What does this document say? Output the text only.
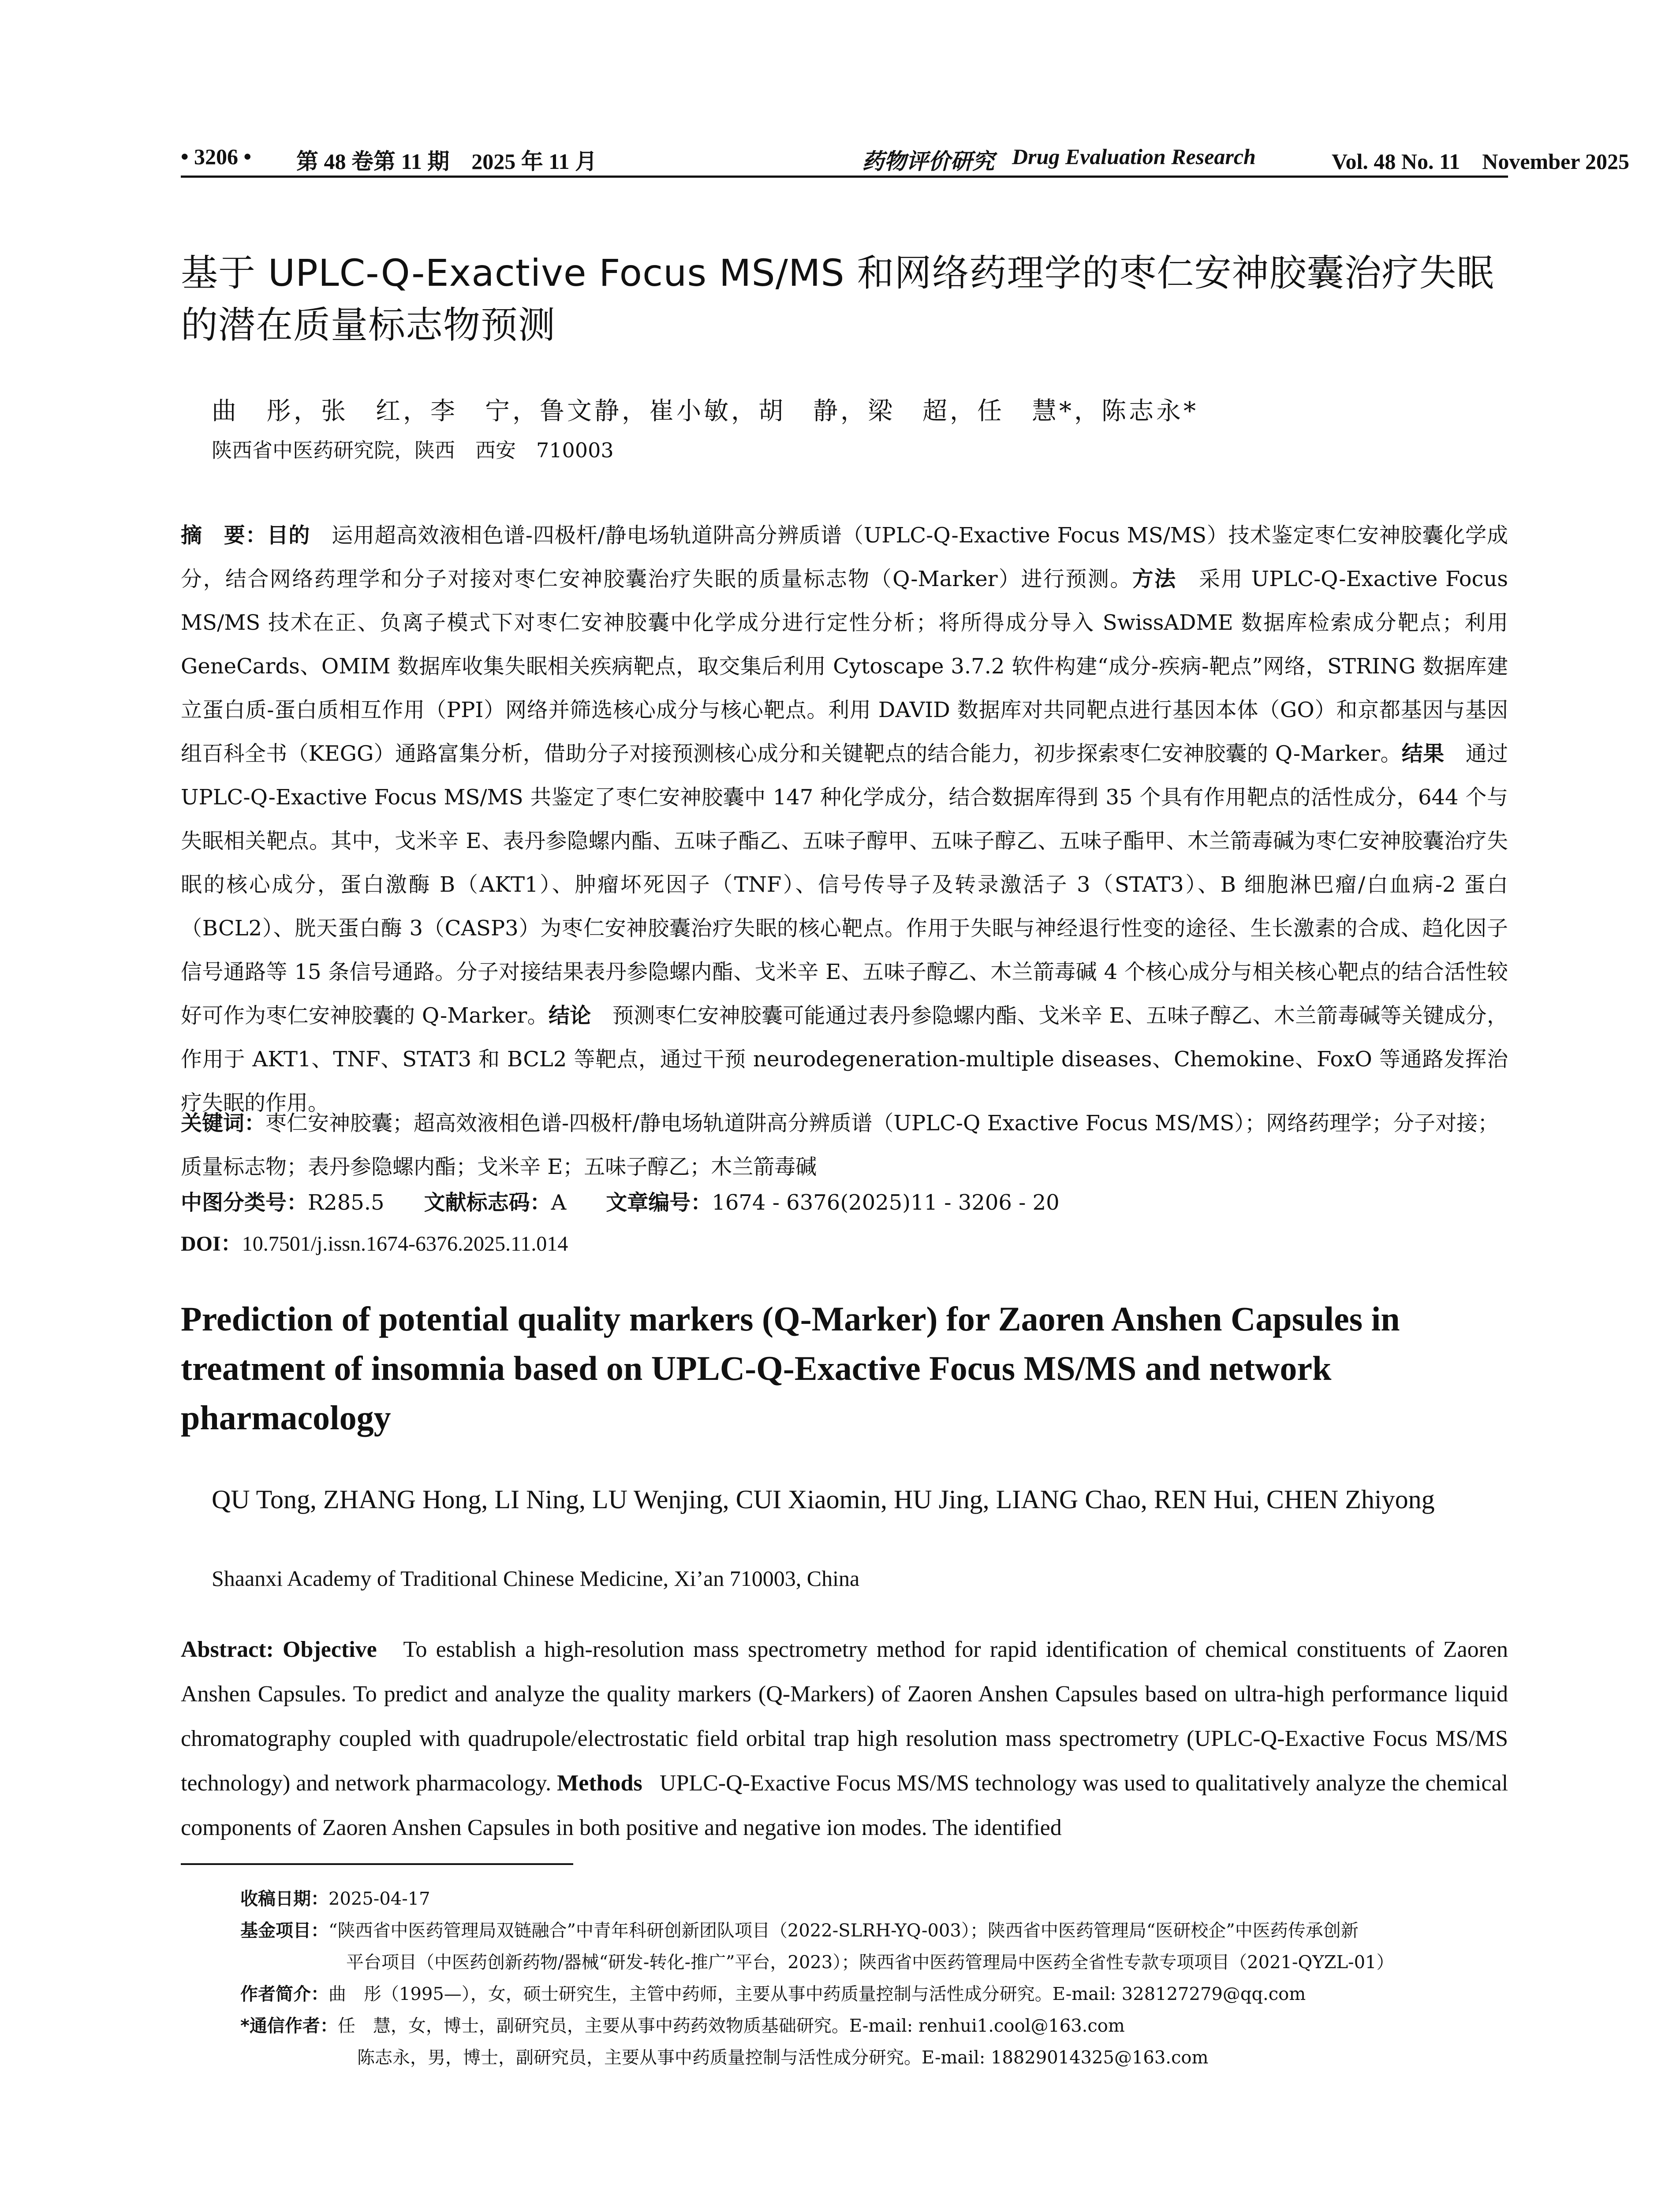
• 3206 • 第 48 卷第 11 期　2025 年 11 月	药物评价研究 Drug Evaluation Research	Vol. 48 No. 11　November 2025
基于 UPLC-Q-Exactive Focus MS/MS 和网络药理学的枣仁安神胶囊治疗失眠的潜在质量标志物预测
曲　彤，张　红，李　宁，鲁文静，崔小敏，胡　静，梁　超，任　慧*，陈志永*
陕西省中医药研究院，陕西　西安　710003
摘　要：目的　 运用超高效液相色谱-四极杆/静电场轨道阱高分辨质谱（UPLC-Q-Exactive Focus MS/MS）技术鉴定枣仁安神胶囊化学成分，结合网络药理学和分子对接对枣仁安神胶囊治疗失眠的质量标志物（Q-Marker）进行预测。方法　 采用 UPLC-Q-Exactive Focus MS/MS 技术在正、负离子模式下对枣仁安神胶囊中化学成分进行定性分析；将所得成分导入 SwissADME 数据库检索成分靶点；利用 GeneCards、OMIM 数据库收集失眠相关疾病靶点，取交集后利用 Cytoscape 3.7.2 软件构建“成分-疾病-靶点”网络，STRING 数据库建立蛋白质-蛋白质相互作用（PPI）网络并筛选核心成分与核心靶点。利用 DAVID 数据库对共同靶点进行基因本体（GO）和京都基因与基因组百科全书（KEGG）通路富集分析，借助分子对接预测核心成分和关键靶点的结合能力，初步探索枣仁安神胶囊的 Q-Marker。结果　 通过 UPLC-Q-Exactive Focus MS/MS 共鉴定了枣仁安神胶囊中 147 种化学成分，结合数据库得到 35 个具有作用靶点的活性成分，644 个与失眠相关靶点。其中，戈米辛 E、表丹参隐螺内酯、五味子酯乙、五味子醇甲、五味子醇乙、五味子酯甲、木兰箭毒碱为枣仁安神胶囊治疗失眠的核心成分，蛋白激酶 B（AKT1）、肿瘤坏死因子（TNF）、信号传导子及转录激活子 3（STAT3）、B 细胞淋巴瘤/白血病-2 蛋白（BCL2）、胱天蛋白酶 3（CASP3）为枣仁安神胶囊治疗失眠的核心靶点。作用于失眠与神经退行性变的途径、生长激素的合成、趋化因子信号通路等 15 条信号通路。分子对接结果表丹参隐螺内酯、戈米辛 E、五味子醇乙、木兰箭毒碱 4 个核心成分与相关核心靶点的结合活性较好可作为枣仁安神胶囊的 Q-Marker。结论　 预测枣仁安神胶囊可能通过表丹参隐螺内酯、戈米辛 E、五味子醇乙、木兰箭毒碱等关键成分，作用于 AKT1、TNF、STAT3 和 BCL2 等靶点，通过干预 neurodegeneration-multiple diseases、Chemokine、FoxO 等通路发挥治疗失眠的作用。
关键词：枣仁安神胶囊；超高效液相色谱-四极杆/静电场轨道阱高分辨质谱（UPLC-Q Exactive Focus MS/MS）；网络药理学；分子对接；质量标志物；表丹参隐螺内酯；戈米辛 E；五味子醇乙；木兰箭毒碱
中图分类号：R285.5 文献标志码：A 文章编号：1674 - 6376(2025)11 - 3206 - 20
DOI：10.7501/j.issn.1674-6376.2025.11.014
Prediction of potential quality markers (Q-Marker) for Zaoren Anshen Capsules in treatment of insomnia based on UPLC-Q-Exactive Focus MS/MS and network pharmacology
QU Tong, ZHANG Hong, LI Ning, LU Wenjing, CUI Xiaomin, HU Jing, LIANG Chao, REN Hui, CHEN Zhiyong
Shaanxi Academy of Traditional Chinese Medicine, Xi’an 710003, China
Abstract: Objective To establish a high-resolution mass spectrometry method for rapid identification of chemical constituents of Zaoren Anshen Capsules. To predict and analyze the quality markers (Q-Markers) of Zaoren Anshen Capsules based on ultra-high performance liquid chromatography coupled with quadrupole/electrostatic field orbital trap high resolution mass spectrometry (UPLC-Q-Exactive Focus MS/MS technology) and network pharmacology. Methods UPLC-Q-Exactive Focus MS/MS technology was used to qualitatively analyze the chemical components of Zaoren Anshen Capsules in both positive and negative ion modes. The identified
收稿日期：2025-04-17
基金项目：“陕西省中医药管理局双链融合”中青年科研创新团队项目（2022-SLRH-YQ-003）；陕西省中医药管理局“医研校企”中医药传承创新
平台项目（中医药创新药物/器械“研发-转化-推广”平台，2023）；陕西省中医药管理局中医药全省性专款专项项目（2021-QYZL-01）
作者简介：曲　彤（1995—），女，硕士研究生，主管中药师，主要从事中药质量控制与活性成分研究。E-mail: 328127279@qq.com
*通信作者：任　慧，女，博士，副研究员，主要从事中药药效物质基础研究。E-mail: renhui1.cool@163.com
陈志永，男，博士，副研究员，主要从事中药质量控制与活性成分研究。E-mail: 18829014325@163.com
